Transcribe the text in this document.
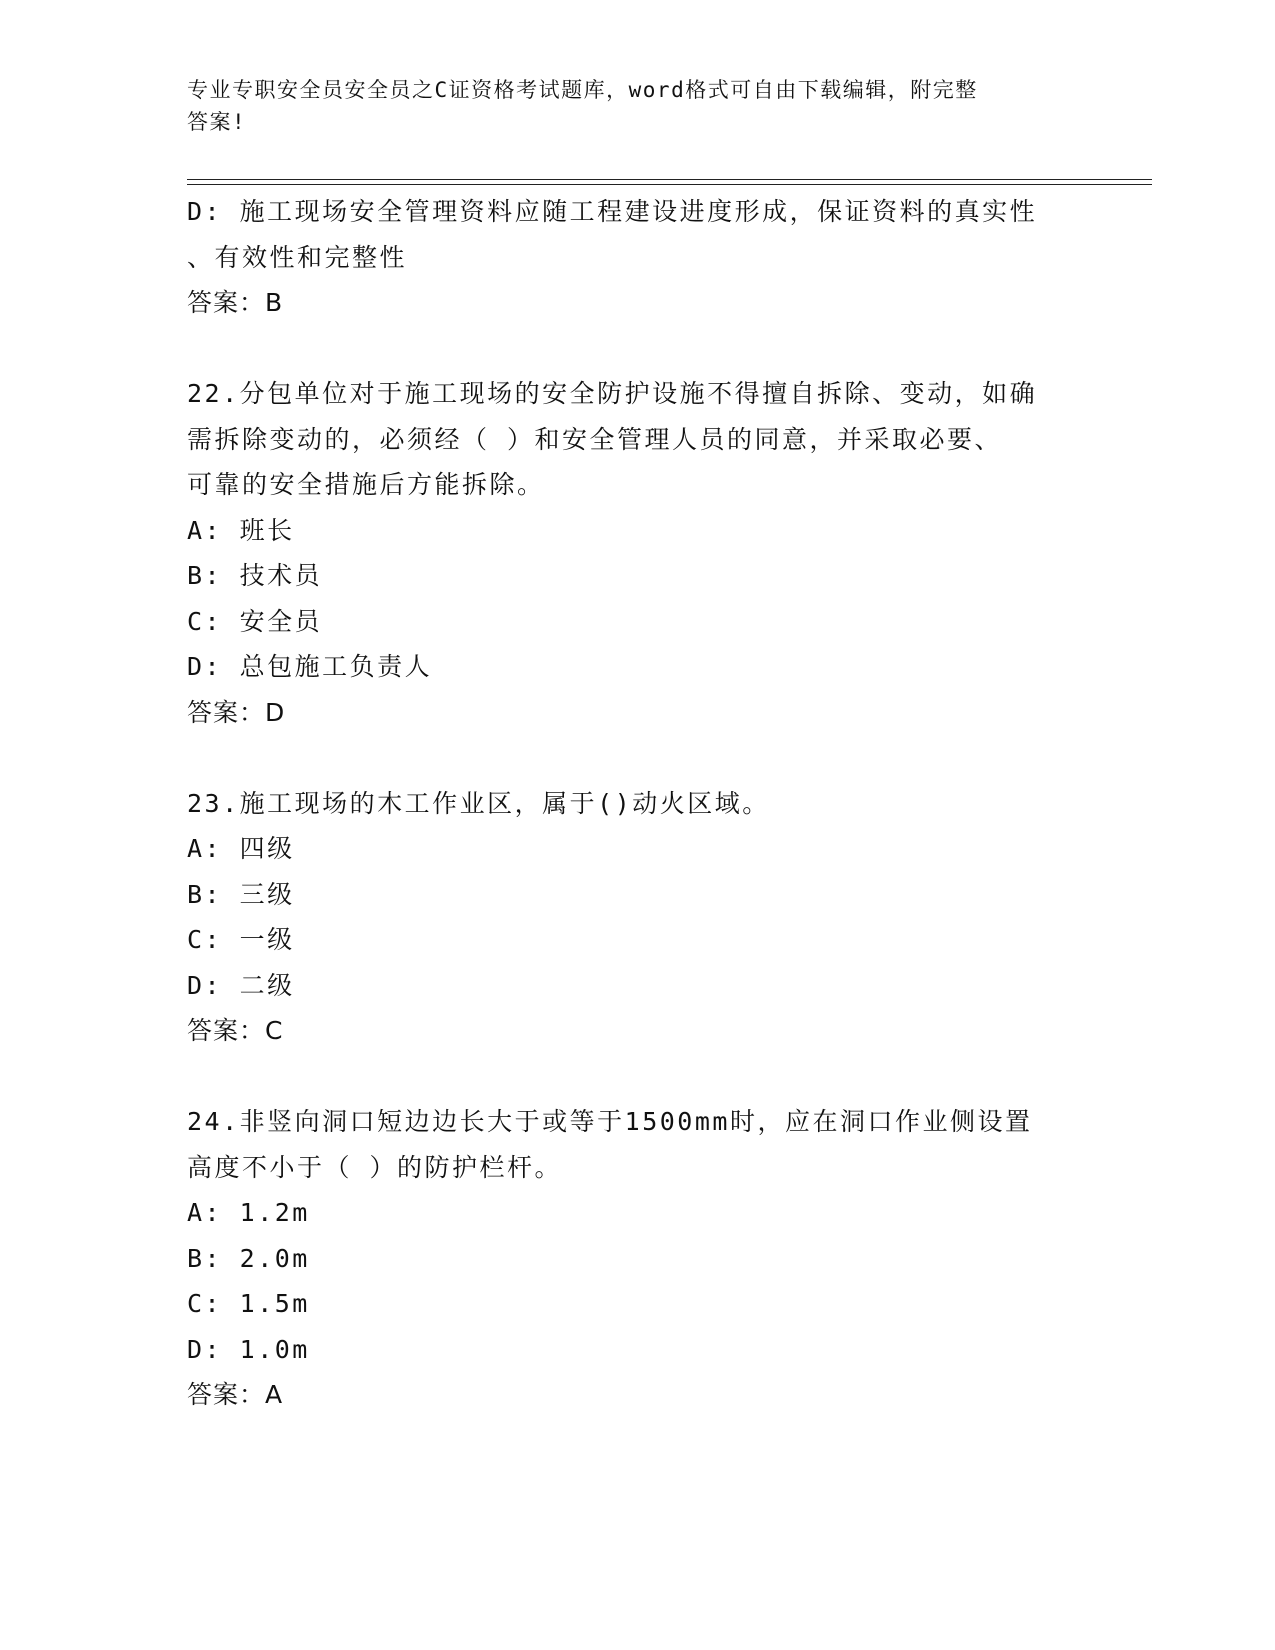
专业专职安全员安全员之C证资格考试题库，word格式可自由下载编辑，附完整
答案!
D: 施工现场安全管理资料应随工程建设进度形成，保证资料的真实性
、有效性和完整性
答案：B
22.分包单位对于施工现场的安全防护设施不得擅自拆除、变动，如确
需拆除变动的，必须经（ ）和安全管理人员的同意，并采取必要、
可靠的安全措施后方能拆除。
A: 班长
B: 技术员
C: 安全员
D: 总包施工负责人
答案：D
23.施工现场的木工作业区，属于()动火区域。
A: 四级
B: 三级
C: 一级
D: 二级
答案：C
24.非竖向洞口短边边长大于或等于1500mm时，应在洞口作业侧设置
高度不小于（ ）的防护栏杆。
A: 1.2m
B: 2.0m
C: 1.5m
D: 1.0m
答案：A
